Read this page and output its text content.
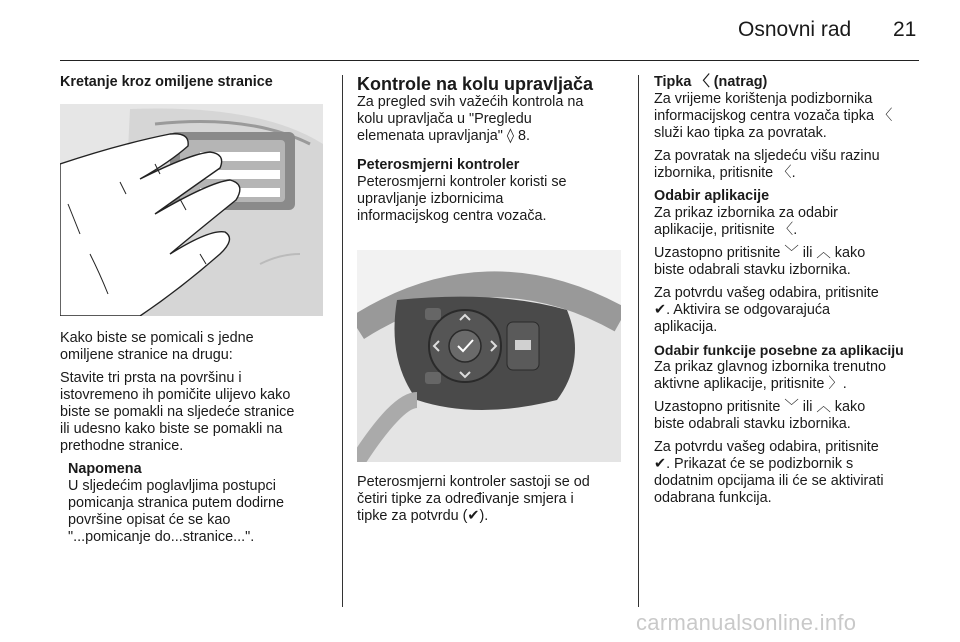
Osnovni rad 21
Kretanje kroz omiljene stranice

Kako biste se pomicali s jedne
omiljene stranice na drugu:

Stavite tri prsta na površinu i
istovremeno ih pomičite ulijevo kako
biste se pomakli na sljedeće stranice
ili udesno kako biste se pomakli na
prethodne stranice.

Napomena

U sljedećim poglavljima postupci
pomicanja stranica putem dodirne
površine opisat će se kao
"...pomicanje do...stranice...".

Kontrole na kolu upravljača

Za pregled svih važećih kontrola na
kolu upravljača u "Pregledu
elemenata upravljanja" ◊ 8.

Peterosmjerni kontroler

Peterosmjerni kontroler koristi se
upravljanje izbornicima
informacijskog centra vozača.

Peterosmjerni kontroler sastoji se od
četiri tipke za određivanje smjera i
tipke za potvrdu (✔).

Tipka 〈 (natrag)

Za vrijeme korištenja podizbornika
informacijskog centra vozača tipka 〈
služi kao tipka za povratak.

Za povratak na sljedeću višu razinu
izbornika, pritisnite 〈.

Odabir aplikacije

Za prikaz izbornika za odabir
aplikacije, pritisnite 〈.

Uzastopno pritisnite ﹀ ili ︿ kako
biste odabrali stavku izbornika.

Za potvrdu vašeg odabira, pritisnite
✔. Aktivira se odgovarajuća
aplikacija.

Odabir funkcije posebne za aplikaciju

Za prikaz glavnog izbornika trenutno
aktivne aplikacije, pritisnite 〉.

Uzastopno pritisnite ﹀ ili ︿ kako
biste odabrali stavku izbornika.

Za potvrdu vašeg odabira, pritisnite
✔. Prikazat će se podizbornik s
dodatnim opcijama ili će se aktivirati
odabrana funkcija.

carmanualsonline.info
